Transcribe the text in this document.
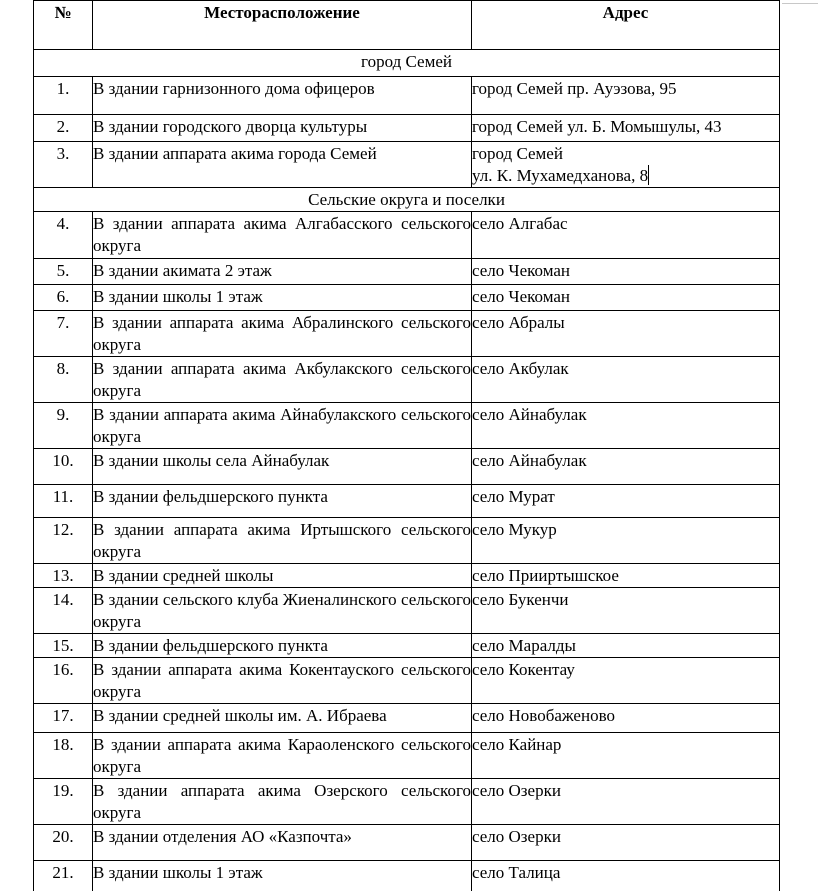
№	Месторасположение	Адрес
город Семей		
1.	В здании гарнизонного дома офицеров	город Семей пр. Ауэзова, 95
2.	В здании городского дворца культуры	город Семей ул. Б. Момышулы, 43
3.	В здании аппарата акима города Семей	город Семей
ул. К. Мухамедханова, 8

Сельские округа и поселки		
4.	В здании аппарата акима Алгабасского сельского округа	село Алгабас
5.	В здании акимата 2 этаж	село Чекоман
6.	В здании школы 1 этаж	село Чекоман
7.	В здании аппарата акима Абралинского сельского округа	село Абралы
8.	В здании аппарата акима Акбулакского сельского округа	село Акбулак
9.	В здании аппарата акима Айнабулакского сельского округа	село Айнабулак
10.	В здании школы села Айнабулак	село Айнабулак
11.	В здании фельдшерского пункта	село Мурат
12.	В здании аппарата акима Иртышского сельского округа	село Мукур
13.	В здании средней школы	село Прииртышское
14.	В здании сельского клуба Жиеналинского сельского округа	село Букенчи
15.	В здании фельдшерского пункта	село Маралды
16.	В здании аппарата акима Кокентауского сельского округа	село Кокентау
17.	В здании средней школы им. А. Ибраева	село Новобаженово
18.	В здании аппарата акима Караоленского сельского округа	село Кайнар
19.	В здании аппарата акима Озерского сельского округа	село Озерки
20.	В здании отделения АО «Казпочта»	село Озерки
21.	В здании школы 1 этаж	село Талица
